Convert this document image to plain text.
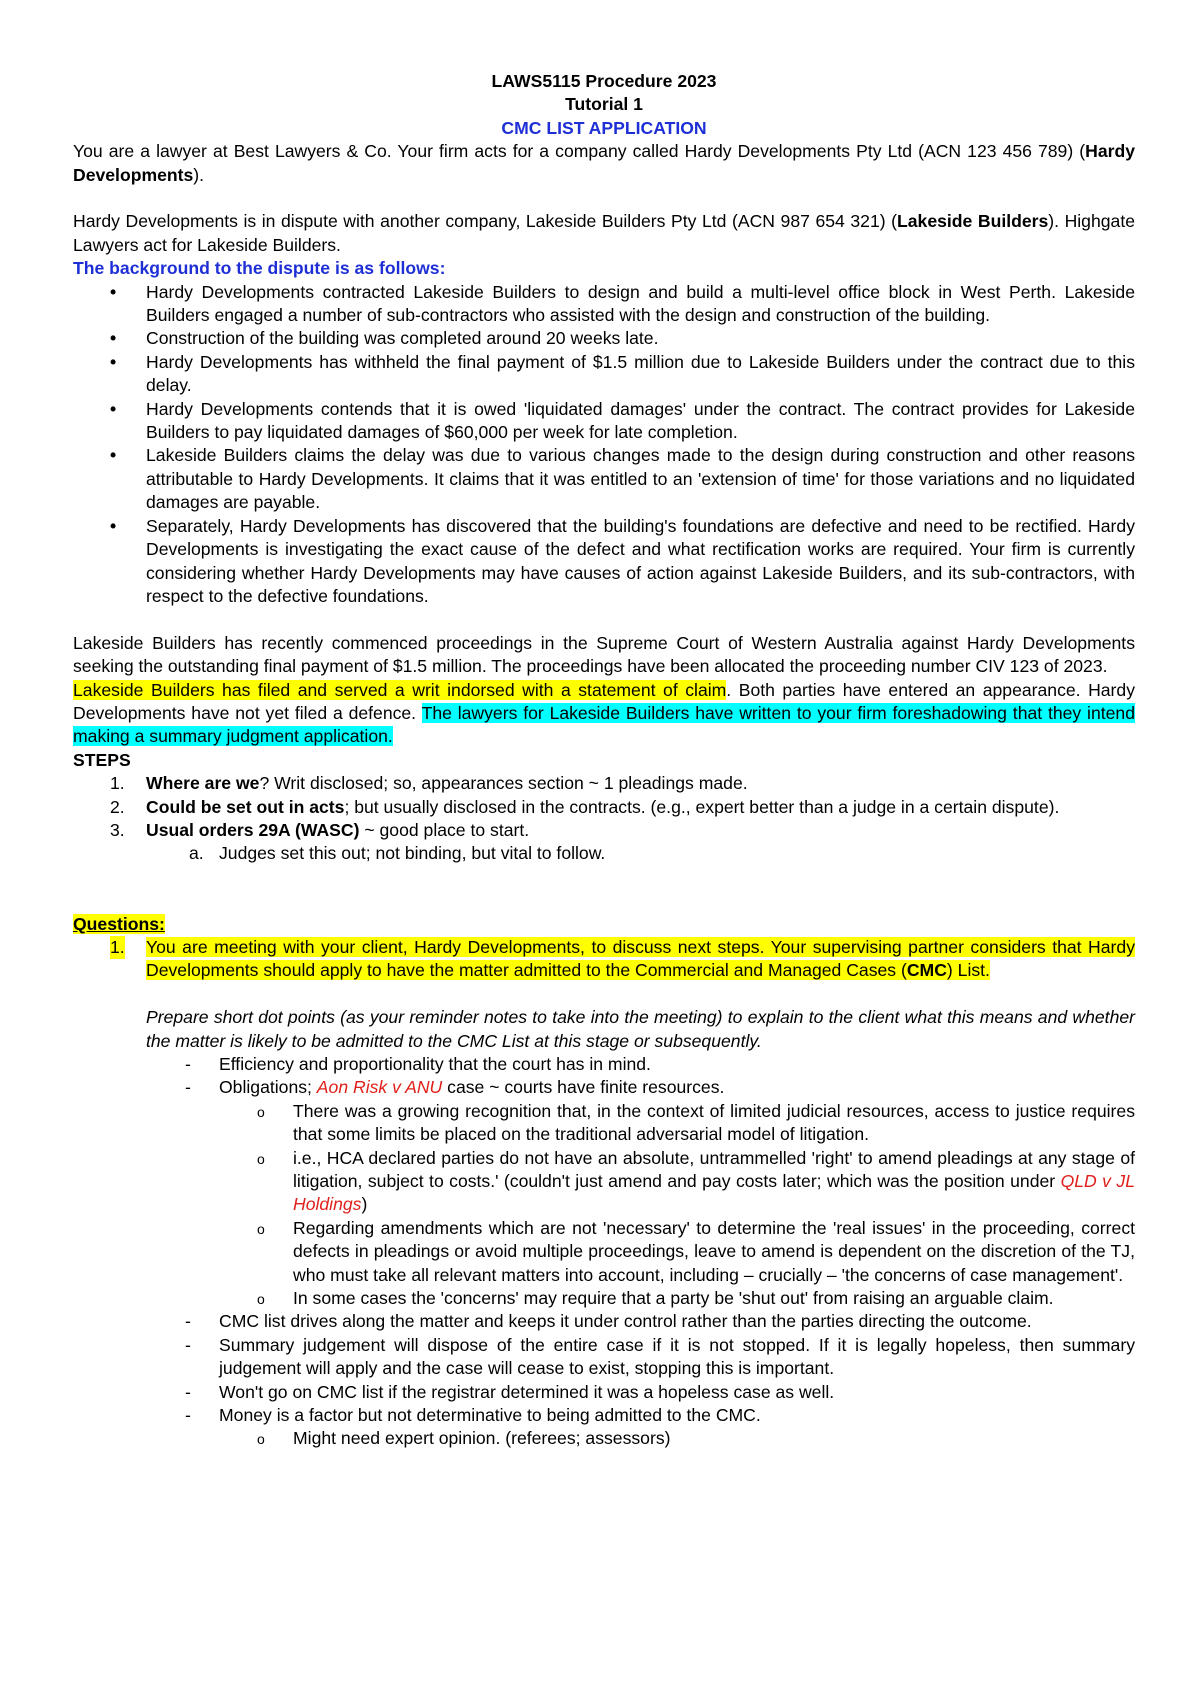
LAWS5115 Procedure 2023

Tutorial 1

CMC LIST APPLICATION

You are a lawyer at Best Lawyers & Co. Your firm acts for a company called Hardy Developments Pty Ltd (ACN 123 456 789) (Hardy Developments).

Hardy Developments is in dispute with another company, Lakeside Builders Pty Ltd (ACN 987 654 321) (Lakeside Builders). Highgate Lawyers act for Lakeside Builders.

The background to the dispute is as follows:

• Hardy Developments contracted Lakeside Builders to design and build a multi-level office block in West Perth. Lakeside Builders engaged a number of sub-contractors who assisted with the design and construction of the building.
• Construction of the building was completed around 20 weeks late.
• Hardy Developments has withheld the final payment of $1.5 million due to Lakeside Builders under the contract due to this delay.
• Hardy Developments contends that it is owed 'liquidated damages' under the contract. The contract provides for Lakeside Builders to pay liquidated damages of $60,000 per week for late completion.
• Lakeside Builders claims the delay was due to various changes made to the design during construction and other reasons attributable to Hardy Developments. It claims that it was entitled to an 'extension of time' for those variations and no liquidated damages are payable.
• Separately, Hardy Developments has discovered that the building's foundations are defective and need to be rectified. Hardy Developments is investigating the exact cause of the defect and what rectification works are required. Your firm is currently considering whether Hardy Developments may have causes of action against Lakeside Builders, and its sub-contractors, with respect to the defective foundations.

Lakeside Builders has recently commenced proceedings in the Supreme Court of Western Australia against Hardy Developments seeking the outstanding final payment of $1.5 million. The proceedings have been allocated the proceeding number CIV 123 of 2023.

Lakeside Builders has filed and served a writ indorsed with a statement of claim. Both parties have entered an appearance. Hardy Developments have not yet filed a defence. The lawyers for Lakeside Builders have written to your firm foreshadowing that they intend making a summary judgment application.

STEPS

1. Where are we? Writ disclosed; so, appearances section ~ 1 pleadings made.
2. Could be set out in acts; but usually disclosed in the contracts. (e.g., expert better than a judge in a certain dispute).
3. Usual orders 29A (WASC) ~ good place to start.
a. Judges set this out; not binding, but vital to follow.

Questions:

1. You are meeting with your client, Hardy Developments, to discuss next steps. Your supervising partner considers that Hardy Developments should apply to have the matter admitted to the Commercial and Managed Cases (CMC) List.

Prepare short dot points (as your reminder notes to take into the meeting) to explain to the client what this means and whether the matter is likely to be admitted to the CMC List at this stage or subsequently.

- Efficiency and proportionality that the court has in mind.
- Obligations; Aon Risk v ANU case ~ courts have finite resources.
o There was a growing recognition that, in the context of limited judicial resources, access to justice requires that some limits be placed on the traditional adversarial model of litigation.
o i.e., HCA declared parties do not have an absolute, untrammelled 'right' to amend pleadings at any stage of litigation, subject to costs.' (couldn't just amend and pay costs later; which was the position under QLD v JL Holdings)
o Regarding amendments which are not 'necessary' to determine the 'real issues' in the proceeding, correct defects in pleadings or avoid multiple proceedings, leave to amend is dependent on the discretion of the TJ, who must take all relevant matters into account, including – crucially – 'the concerns of case management'.
o In some cases the 'concerns' may require that a party be 'shut out' from raising an arguable claim.
- CMC list drives along the matter and keeps it under control rather than the parties directing the outcome.
- Summary judgement will dispose of the entire case if it is not stopped. If it is legally hopeless, then summary judgement will apply and the case will cease to exist, stopping this is important.
- Won't go on CMC list if the registrar determined it was a hopeless case as well.
- Money is a factor but not determinative to being admitted to the CMC.
o Might need expert opinion. (referees; assessors)
